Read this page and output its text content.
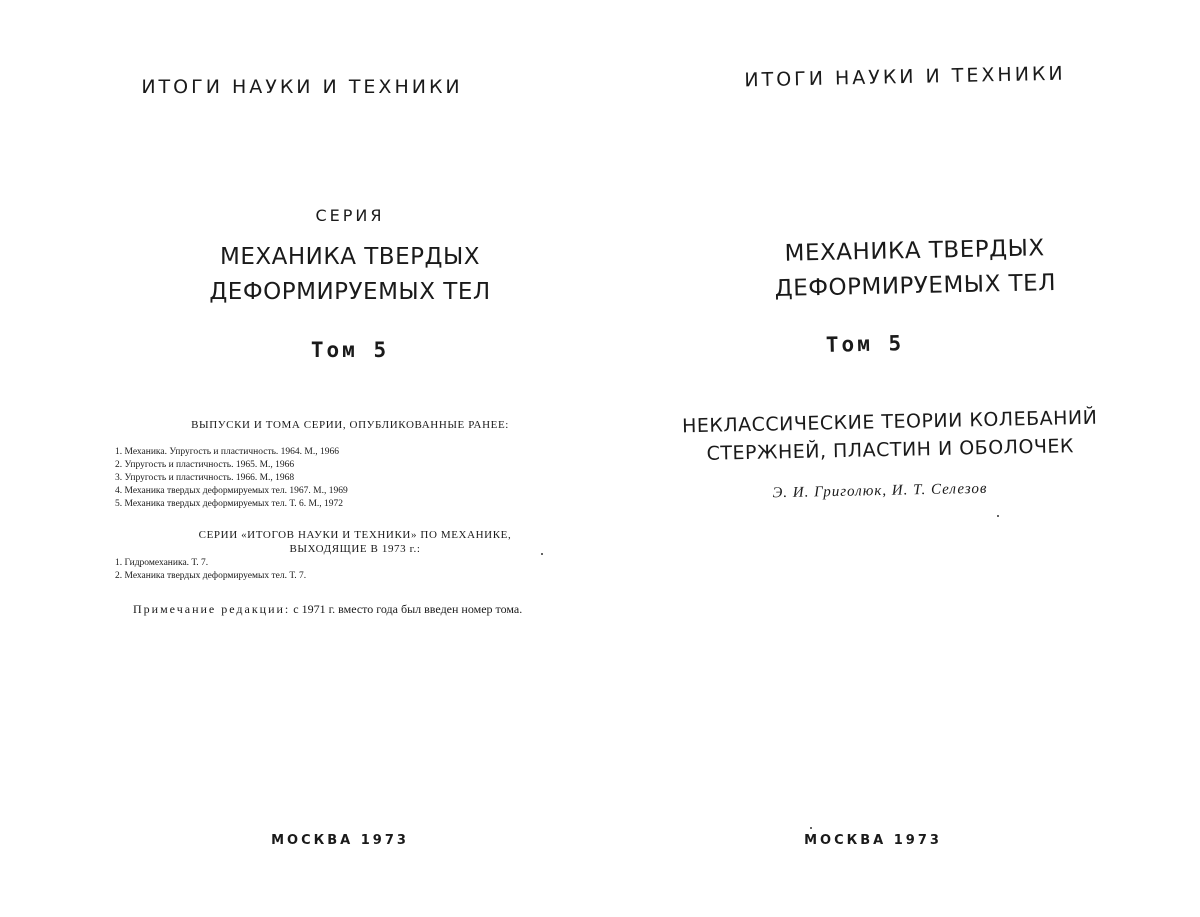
ИТОГИ НАУКИ И ТЕХНИКИ
СЕРИЯ
МЕХАНИКА ТВЕРДЫХ
ДЕФОРМИРУЕМЫХ ТЕЛ
Том 5
ВЫПУСКИ И ТОМА СЕРИИ, ОПУБЛИКОВАННЫЕ РАНЕЕ:
1. Механика. Упругость и пластичность. 1964. М., 1966
2. Упругость и пластичность. 1965. М., 1966
3. Упругость и пластичность. 1966. М., 1968
4. Механика твердых деформируемых тел. 1967. М., 1969
5. Механика твердых деформируемых тел. Т. 6. М., 1972
СЕРИИ «ИТОГОВ НАУКИ И ТЕХНИКИ» ПО МЕХАНИКЕ,
ВЫХОДЯЩИЕ В 1973 г.:
1. Гидромеханика. Т. 7.
2. Механика твердых деформируемых тел. Т. 7.
Примечание редакции: с 1971 г. вместо года был введен номер тома.
МОСКВА 1973
ИТОГИ НАУКИ И ТЕХНИКИ
МЕХАНИКА ТВЕРДЫХ
ДЕФОРМИРУЕМЫХ ТЕЛ
Том 5
НЕКЛАССИЧЕСКИЕ ТЕОРИИ КОЛЕБАНИЙ
СТЕРЖНЕЙ, ПЛАСТИН И ОБОЛОЧЕК
Э. И. Григолюк, И. Т. Селезов
МОСКВА 1973
